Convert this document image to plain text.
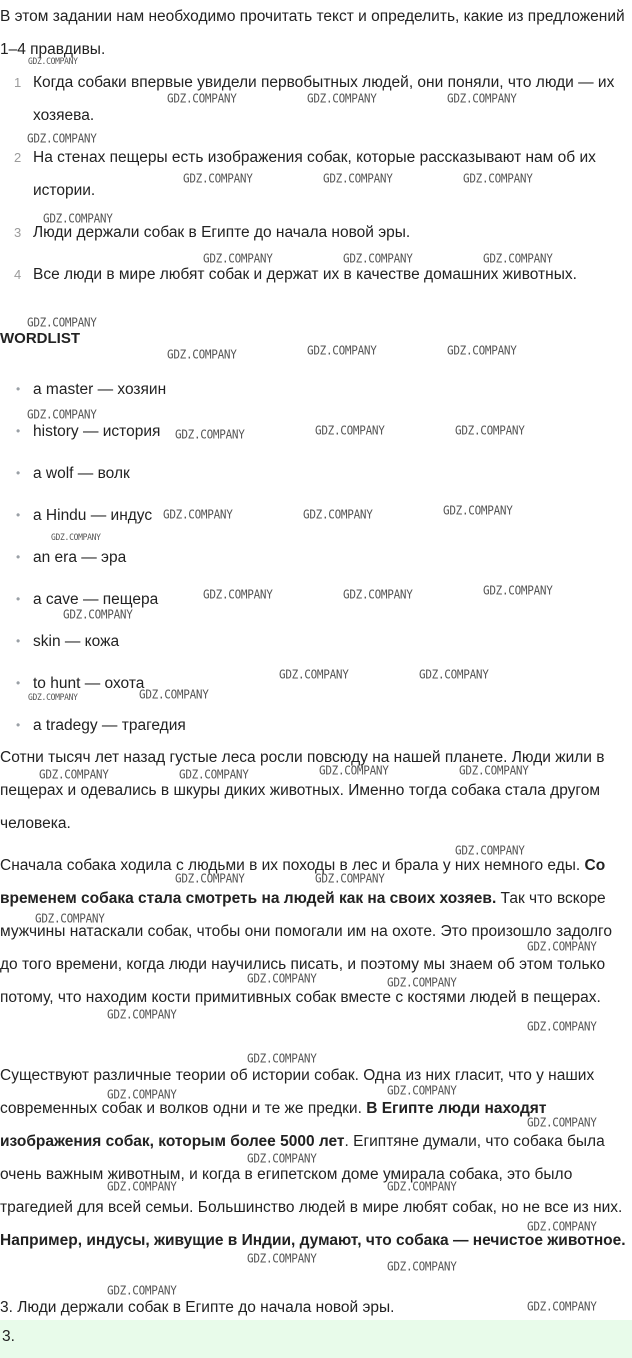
В этом задании нам необходимо прочитать текст и определить, какие из предложений 1–4 правдивы.

1 Когда собаки впервые увидели первобытных людей, они поняли, что люди — их хозяева.
2 На стенах пещеры есть изображения собак, которые рассказывают нам об их истории.
3 Люди держали собак в Египте до начала новой эры.
4 Все люди в мире любят собак и держат их в качестве домашних животных.
WORDLIST
• a master — хозяин
• history — история
• a wolf — волк
• a Hindu — индус
• an era — эра
• a cave — пещера
• skin — кожа
• to hunt — охота
• a tradegy — трагедия

Сотни тысяч лет назад густые леса росли повсюду на нашей планете. Люди жили в пещерах и одевались в шкуры диких животных. Именно тогда собака стала другом человека.

Сначала собака ходила с людьми в их походы в лес и брала у них немного еды. Со временем собака стала смотреть на людей как на своих хозяев. Так что вскоре мужчины натаскали собак, чтобы они помогали им на охоте. Это произошло задолго до того времени, когда люди научились писать, и поэтому мы знаем об этом только потому, что находим кости примитивных собак вместе с костями людей в пещерах.

Существуют различные теории об истории собак. Одна из них гласит, что у наших современных собак и волков одни и те же предки. В Египте люди находят изображения собак, которым более 5000 лет. Египтяне думали, что собака была очень важным животным, и когда в египетском доме умирала собака, это было трагедией для всей семьи. Большинство людей в мире любят собак, но не все из них. Например, индусы, живущие в Индии, думают, что собака — нечистое животное.

3. Люди держали собак в Египте до начала новой эры.

3.
GDZ.COMPANY
GDZ.COMPANY	GDZ.COMPANY	GDZ.COMPANY
GDZ.COMPANY
GDZ.COMPANY	GDZ.COMPANY	GDZ.COMPANY
GDZ.COMPANY
GDZ.COMPANY	GDZ.COMPANY	GDZ.COMPANY
GDZ.COMPANY
GDZ.COMPANY	GDZ.COMPANY	GDZ.COMPANY
GDZ.COMPANY
GDZ.COMPANY	GDZ.COMPANY	GDZ.COMPANY
GDZ.COMPANY	GDZ.COMPANY	GDZ.COMPANY
GDZ.COMPANY
GDZ.COMPANY	GDZ.COMPANY	GDZ.COMPANY
GDZ.COMPANY
GDZ.COMPANY	GDZ.COMPANY
GDZ.COMPANY	GDZ.COMPANY
GDZ.COMPANY	GDZ.COMPANY	GDZ.COMPANY	GDZ.COMPANY
GDZ.COMPANY
GDZ.COMPANY	GDZ.COMPANY
GDZ.COMPANY
GDZ.COMPANY
GDZ.COMPANY	GDZ.COMPANY
GDZ.COMPANY
GDZ.COMPANY
GDZ.COMPANY
GDZ.COMPANY	GDZ.COMPANY
GDZ.COMPANY
GDZ.COMPANY
GDZ.COMPANY	GDZ.COMPANY
GDZ.COMPANY
GDZ.COMPANY
GDZ.COMPANY
GDZ.COMPANY
GDZ.COMPANY
